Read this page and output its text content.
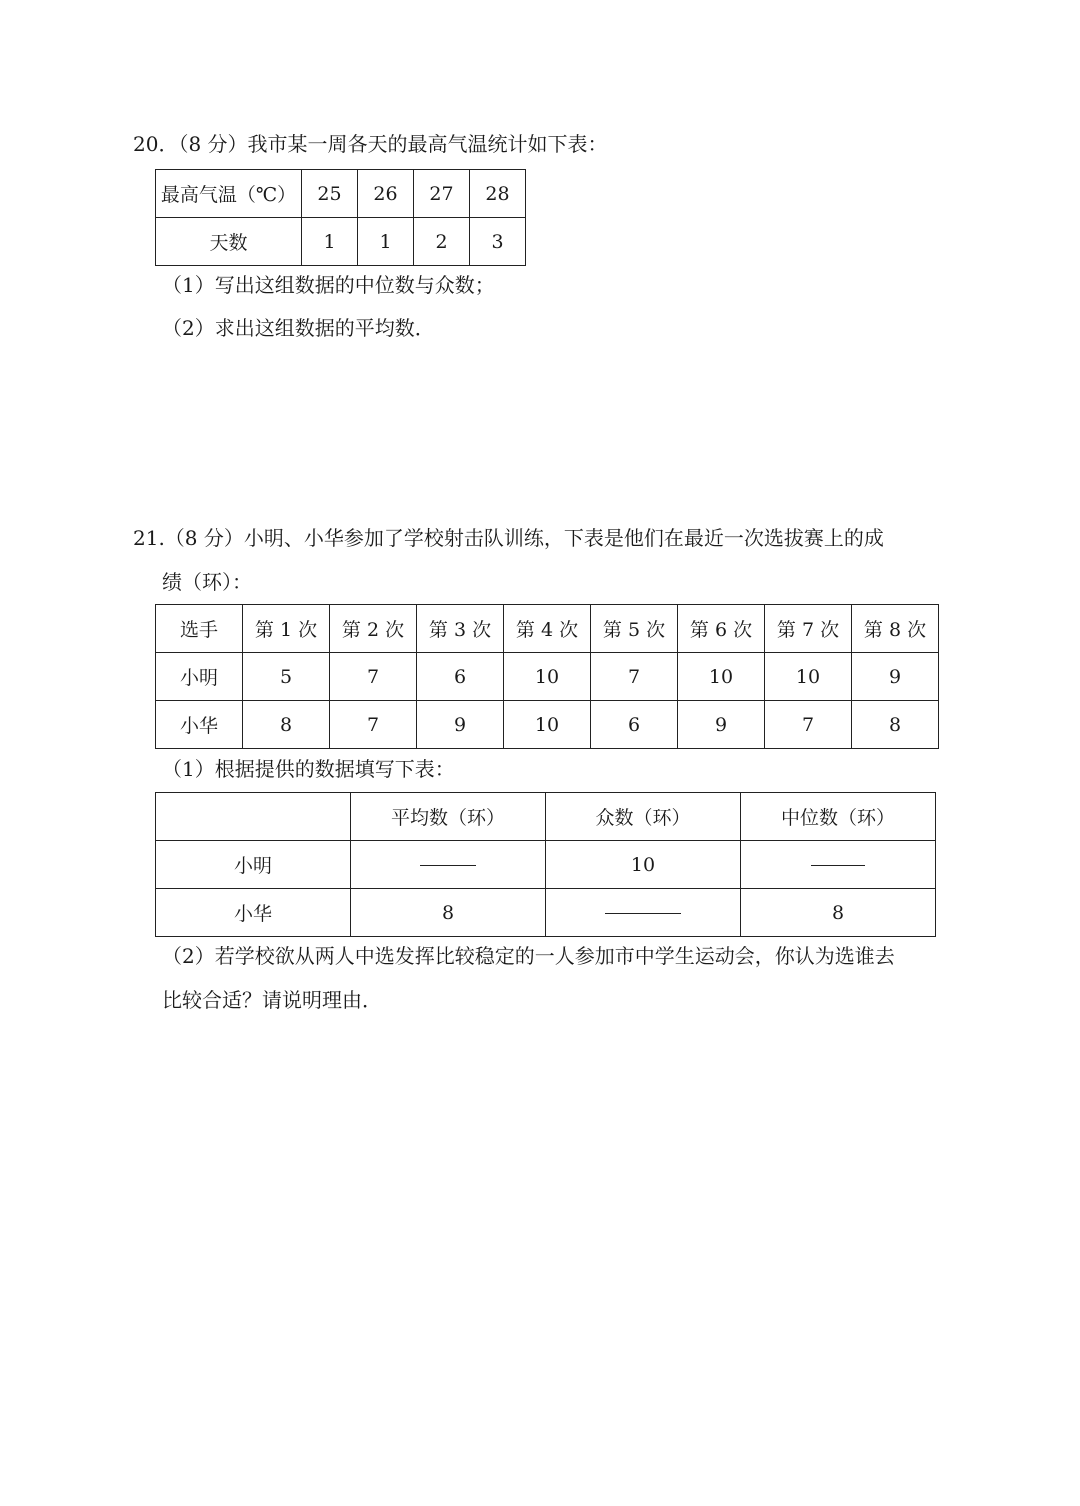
20．（8 分）我市某一周各天的最高气温统计如下表：
最高气温（℃）	25	26	27	28
天数	1	1	2	3
（1）写出这组数据的中位数与众数；
（2）求出这组数据的平均数．
21.（8 分）小明、小华参加了学校射击队训练，下表是他们在最近一次选拔赛上的成
绩（环）：
选手	第 1 次	第 2 次	第 3 次	第 4 次	第 5 次	第 6 次	第 7 次	第 8 次
小明	5	7	6	10	7	10	10	9
小华	8	7	9	10	6	9	7	8
（1）根据提供的数据填写下表：
	平均数（环）	众数（环）	中位数（环）
小明		10	
小华	8		8
（2）若学校欲从两人中选发挥比较稳定的一人参加市中学生运动会，你认为选谁去
比较合适？请说明理由．
